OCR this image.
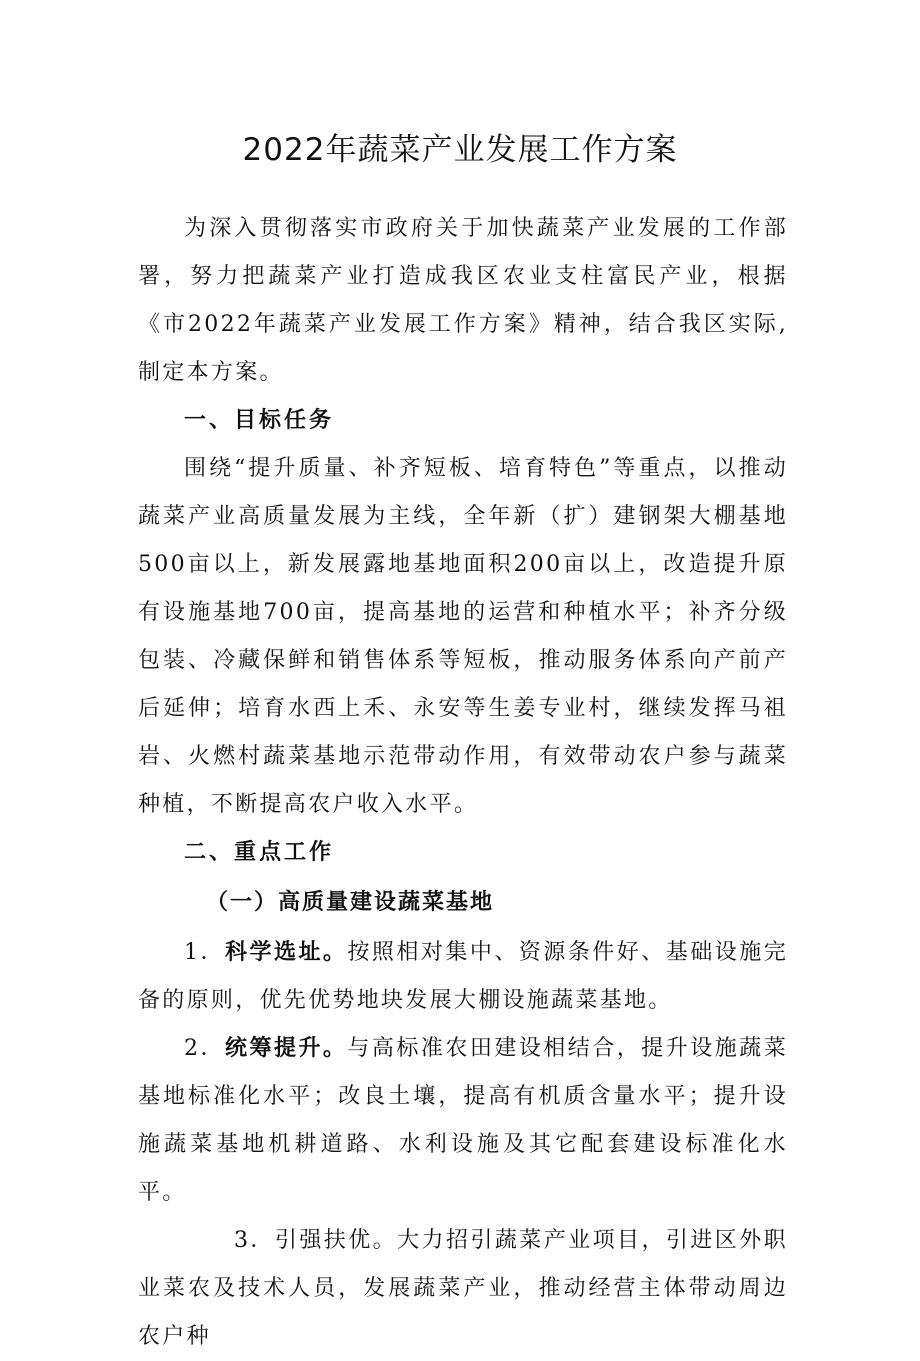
2022年蔬菜产业发展工作方案

为深入贯彻落实市政府关于加快蔬菜产业发展的工作部署，努力把蔬菜产业打造成我区农业支柱富民产业，根据《市2022年蔬菜产业发展工作方案》精神，结合我区实际,制定本方案。

一、目标任务

围绕“提升质量、补齐短板、培育特色”等重点，以推动蔬菜产业高质量发展为主线，全年新（扩）建钢架大棚基地500亩以上，新发展露地基地面积200亩以上，改造提升原有设施基地700亩，提高基地的运营和种植水平；补齐分级包装、冷藏保鲜和销售体系等短板，推动服务体系向产前产后延伸；培育水西上禾、永安等生姜专业村，继续发挥马祖岩、火燃村蔬菜基地示范带动作用，有效带动农户参与蔬菜种植，不断提高农户收入水平。

二、重点工作

（一）高质量建设蔬菜基地

1．科学选址。按照相对集中、资源条件好、基础设施完备的原则，优先优势地块发展大棚设施蔬菜基地。

2．统筹提升。与高标准农田建设相结合，提升设施蔬菜基地标准化水平；改良土壤，提高有机质含量水平；提升设施蔬菜基地机耕道路、水利设施及其它配套建设标准化水平。

3．引强扶优。大力招引蔬菜产业项目，引进区外职业菜农及技术人员，发展蔬菜产业，推动经营主体带动周边农户种
